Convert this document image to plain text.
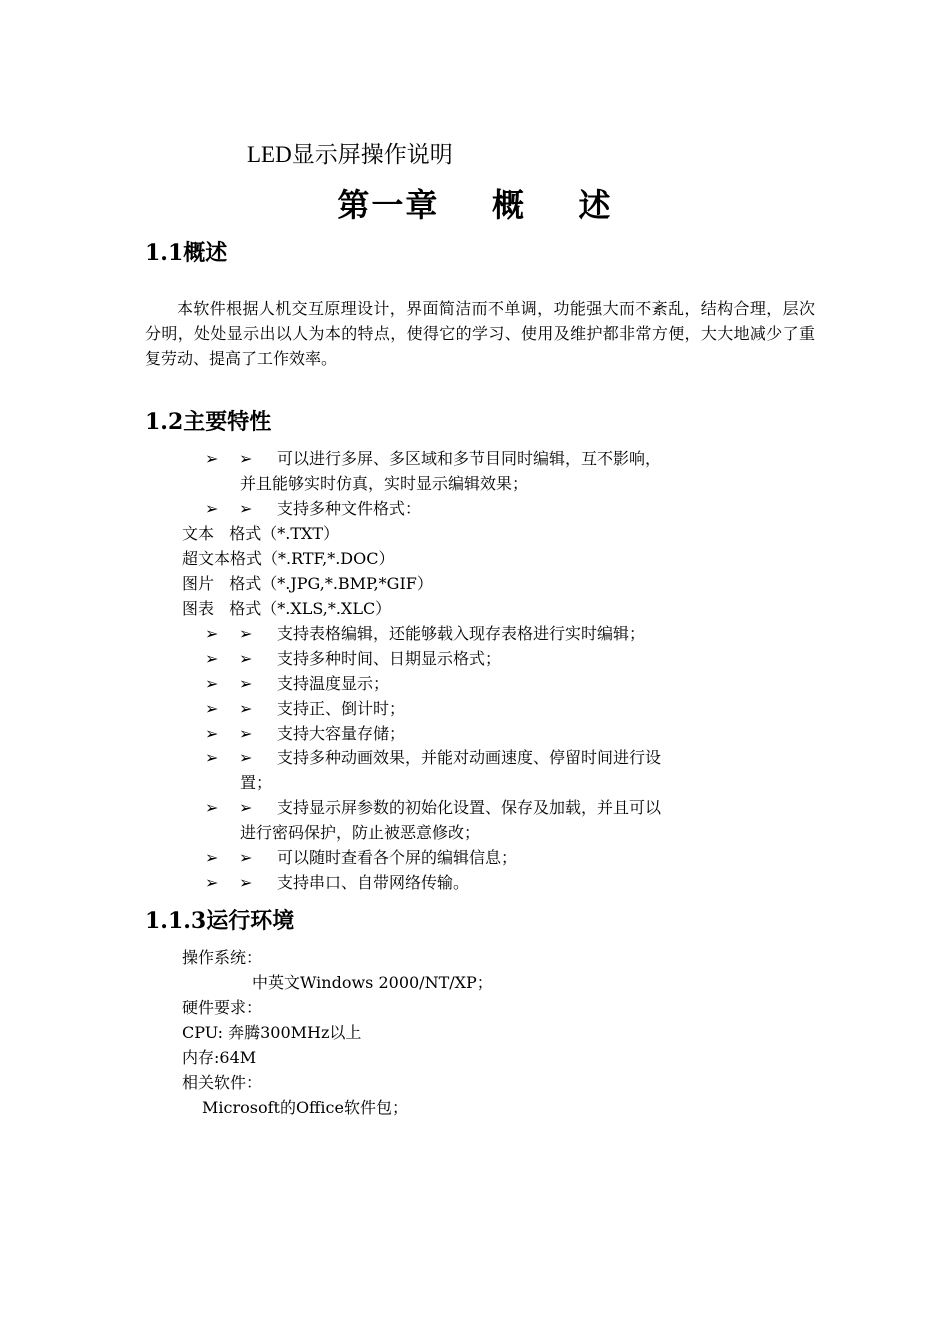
LED显示屏操作说明
第一章    概    述
1.1概述
本软件根据人机交互原理设计，界面简洁而不单调，功能强大而不紊乱，结构合理，层次分明，处处显示出以人为本的特点，使得它的学习、使用及维护都非常方便，大大地减少了重复劳动、提高了工作效率。
1.2主要特性
➢ ➢ 可以进行多屏、多区域和多节目同时编辑，互不影响，
并且能够实时仿真，实时显示编辑效果；
➢ ➢ 支持多种文件格式：
文本   格式（*.TXT）
超文本格式（*.RTF,*.DOC）
图片   格式（*.JPG,*.BMP,*GIF）
图表   格式（*.XLS,*.XLC）
➢ ➢ 支持表格编辑，还能够载入现存表格进行实时编辑；
➢ ➢ 支持多种时间、日期显示格式；
➢ ➢ 支持温度显示；
➢ ➢ 支持正、倒计时；
➢ ➢ 支持大容量存储；
➢ ➢ 支持多种动画效果，并能对动画速度、停留时间进行设
置；
➢ ➢ 支持显示屏参数的初始化设置、保存及加载，并且可以
进行密码保护，防止被恶意修改；
➢ ➢ 可以随时查看各个屏的编辑信息；
➢ ➢ 支持串口、自带网络传输。
1.1.3运行环境
操作系统：
中英文Windows 2000/NT/XP；
硬件要求：
CPU: 奔腾300MHz以上
内存:64M
相关软件：
Microsoft的Office软件包；
